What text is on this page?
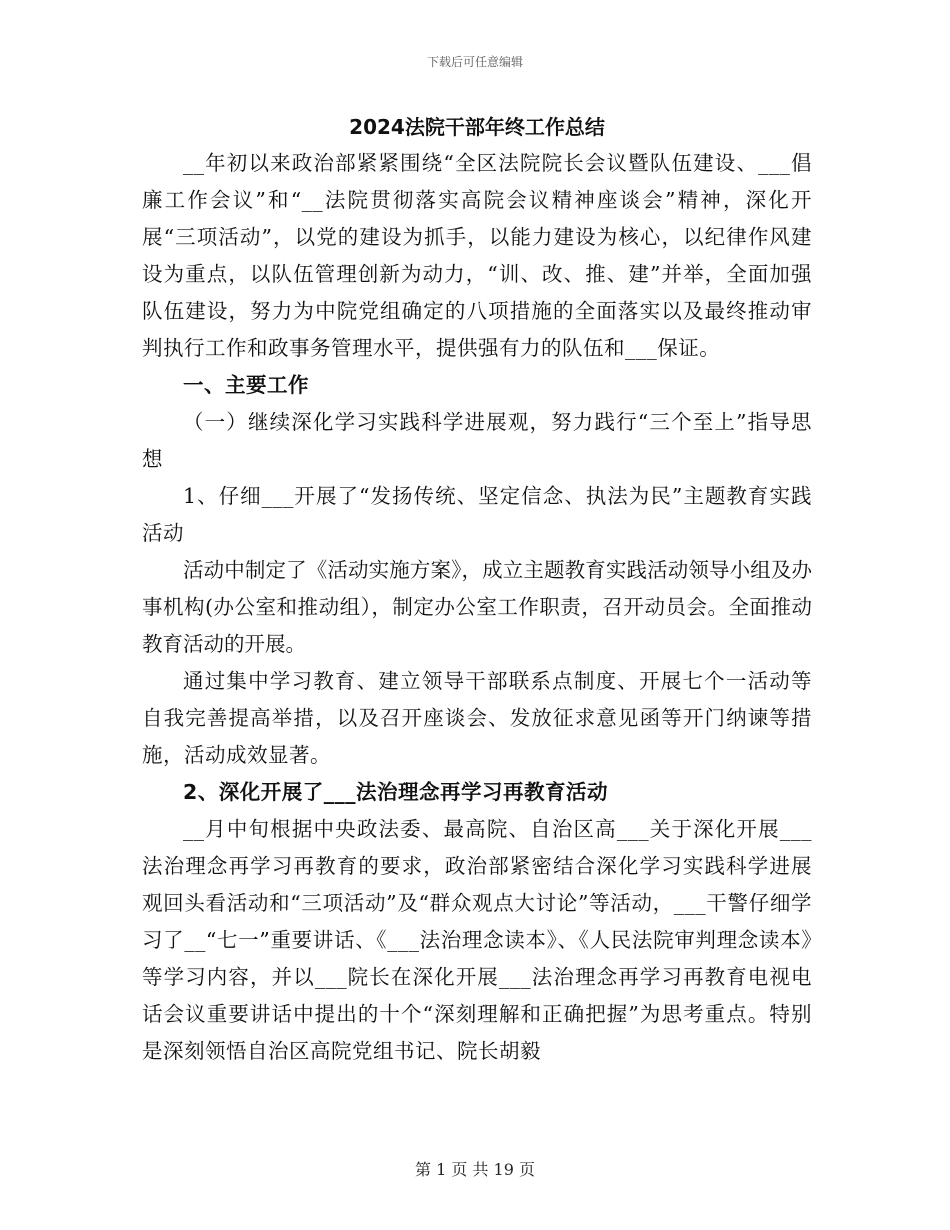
下载后可任意编辑
2024法院干部年终工作总结

__年初以来政治部紧紧围绕“全区法院院长会议暨队伍建设、___倡廉工作会议”和“__法院贯彻落实高院会议精神座谈会”精神，深化开展“三项活动”，以党的建设为抓手，以能力建设为核心，以纪律作风建设为重点，以队伍管理创新为动力，“训、改、推、建”并举，全面加强队伍建设，努力为中院党组确定的八项措施的全面落实以及最终推动审判执行工作和政事务管理水平，提供强有力的队伍和___保证。

一、主要工作

（一）继续深化学习实践科学进展观，努力践行“三个至上”指导思想

1、仔细___开展了“发扬传统、坚定信念、执法为民”主题教育实践活动

活动中制定了《活动实施方案》，成立主题教育实践活动领导小组及办事机构(办公室和推动组），制定办公室工作职责，召开动员会。全面推动教育活动的开展。

通过集中学习教育、建立领导干部联系点制度、开展七个一活动等自我完善提高举措，以及召开座谈会、发放征求意见函等开门纳谏等措施，活动成效显著。

2、深化开展了___法治理念再学习再教育活动

__月中旬根据中央政法委、最高院、自治区高___关于深化开展___法治理念再学习再教育的要求，政治部紧密结合深化学习实践科学进展观回头看活动和“三项活动”及“群众观点大讨论”等活动，___干警仔细学习了__“七一”重要讲话、《___法治理念读本》、《人民法院审判理念读本》等学习内容，并以___院长在深化开展___法治理念再学习再教育电视电话会议重要讲话中提出的十个“深刻理解和正确把握”为思考重点。特别是深刻领悟自治区高院党组书记、院长胡毅

第 1 页 共 19 页
